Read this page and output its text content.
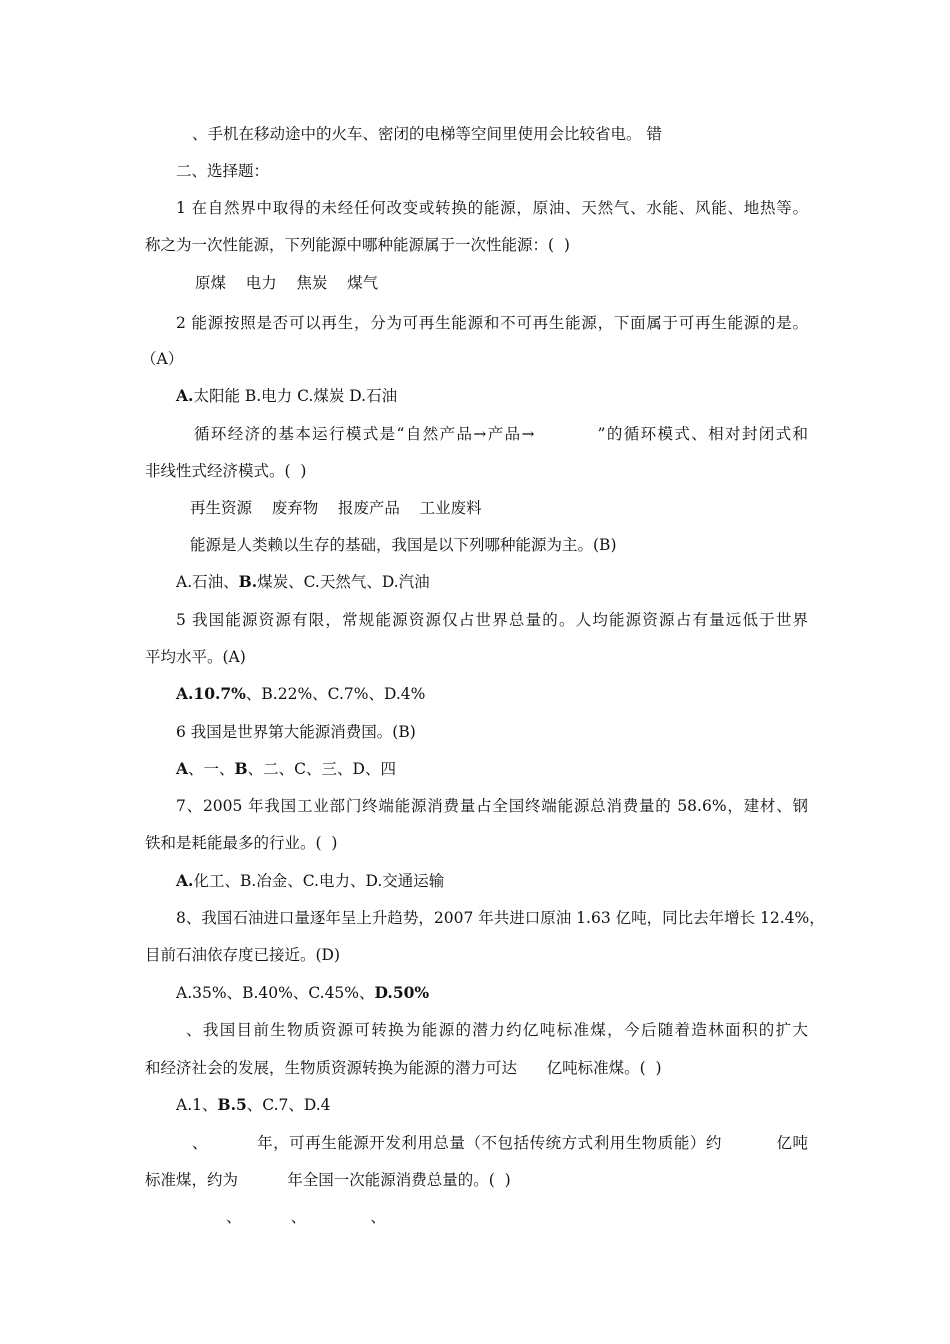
、手机在移动途中的火车、密闭的电梯等空间里使用会比较省电。 错
二、选择题：
1 在自然界中取得的未经任何改变或转换的能源，原油、天然气、水能、风能、地热等。
称之为一次性能源，下列能源中哪种能源属于一次性能源：(  )
原煤    电力    焦炭    煤气
2 能源按照是否可以再生，分为可再生能源和不可再生能源，下面属于可再生能源的是。
（A）
A.太阳能 B.电力 C.煤炭 D.石油
循环经济的基本运行模式是“自然产品→产品→          ”的循环模式、相对封闭式和
非线性式经济模式。(  )
再生资源    废弃物    报废产品    工业废料
能源是人类赖以生存的基础，我国是以下列哪种能源为主。(B)
A.石油、B.煤炭、C.天然气、D.汽油
5 我国能源资源有限，常规能源资源仅占世界总量的。人均能源资源占有量远低于世界
平均水平。(A)
A.10.7%、B.22%、C.7%、D.4%
6 我国是世界第大能源消费国。(B)
A、一、B、二、C、三、D、四
7、2005 年我国工业部门终端能源消费量占全国终端能源总消费量的 58.6%，建材、钢
铁和是耗能最多的行业。(  )
A.化工、B.冶金、C.电力、D.交通运输
8、我国石油进口量逐年呈上升趋势，2007 年共进口原油 1.63 亿吨，同比去年增长 12.4%，
目前石油依存度已接近。(D)
A.35%、B.40%、C.45%、D.50%
、我国目前生物质资源可转换为能源的潜力约亿吨标准煤，今后随着造林面积的扩大
和经济社会的发展，生物质资源转换为能源的潜力可达      亿吨标准煤。(  )
A.1、B.5、C.7、D.4
、         年，可再生能源开发利用总量（不包括传统方式利用生物质能）约          亿吨
标准煤，约为          年全国一次能源消费总量的。(  )
、          、             、
